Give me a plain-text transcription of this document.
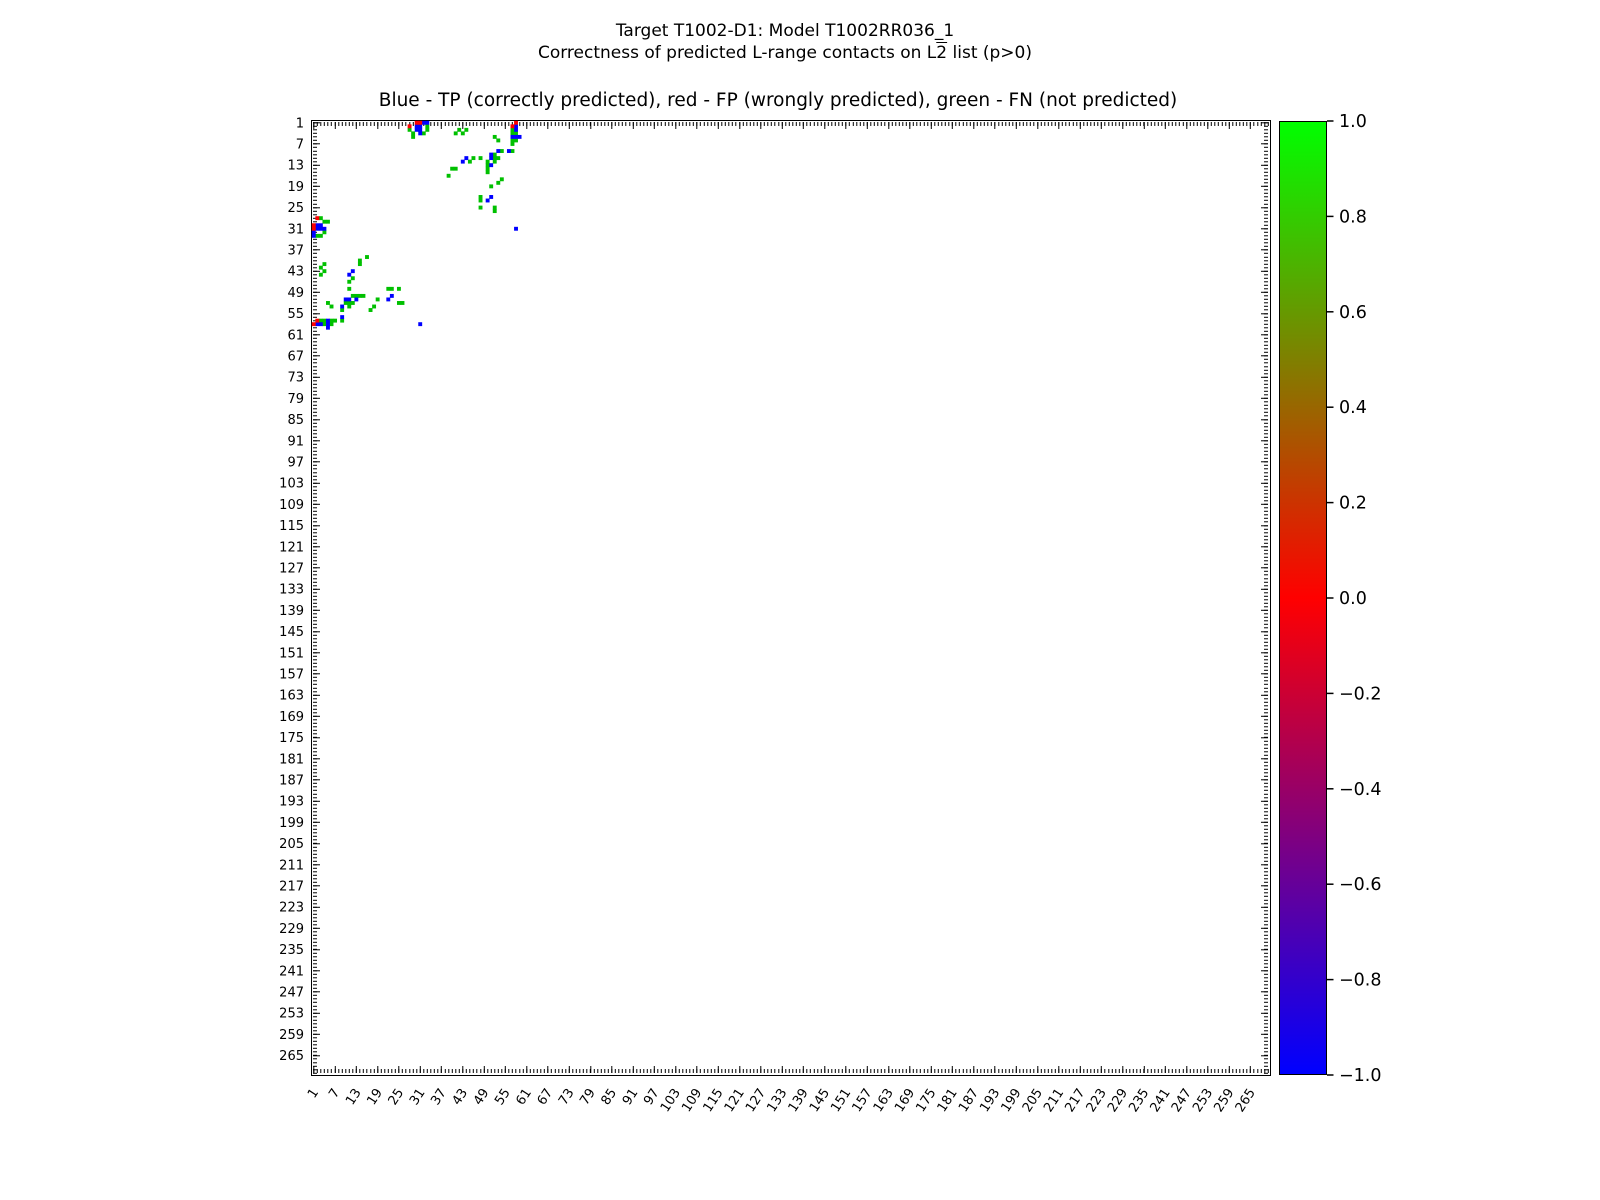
Target T1002-D1: Model T1002RR036_1
Correctness of predicted L-range contacts on L2 list (p>0)
Blue - TP (correctly predicted), red - FP (wrongly predicted), green - FN (not predicted)
1 7 13 19 25 31 37 43 49 55 61 67 73 79 85 91 97
103
109
115
121
127
133
139
145
151
157
163
169
175
181
187
193
199
205
211
217
223
229
235
241
247
253
259
265
1
7
13
19
25
31
37
43
49
55
61
67
73
79
85
91
97
103
109
115
121
127
133
139
145
151
157
163
169
175
181
187
193
199
205
211
217
223
229
235
241
247
253
259
265
1.0
0.8
0.6
0.4
0.2
0.0
−0.2
−0.4
−0.6
−0.8
−1.0
